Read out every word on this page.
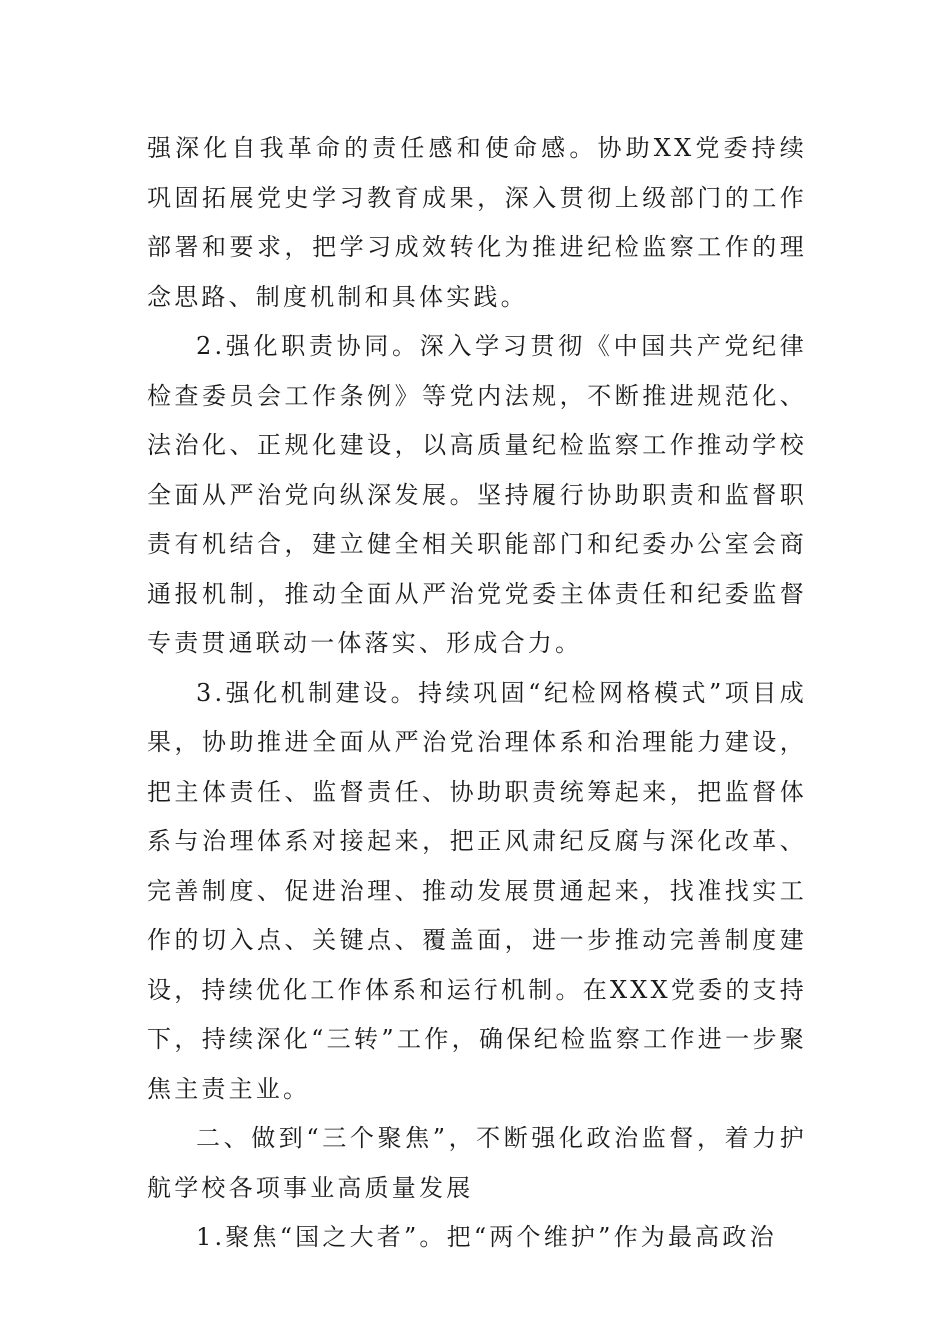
强深化自我革命的责任感和使命感。协助XX党委持续巩固拓展党史学习教育成果，深入贯彻上级部门的工作部署和要求，把学习成效转化为推进纪检监察工作的理念思路、制度机制和具体实践。

2.强化职责协同。深入学习贯彻《中国共产党纪律检查委员会工作条例》等党内法规，不断推进规范化、法治化、正规化建设，以高质量纪检监察工作推动学校全面从严治党向纵深发展。坚持履行协助职责和监督职责有机结合，建立健全相关职能部门和纪委办公室会商通报机制，推动全面从严治党党委主体责任和纪委监督专责贯通联动一体落实、形成合力。

3.强化机制建设。持续巩固“纪检网格模式”项目成果，协助推进全面从严治党治理体系和治理能力建设，把主体责任、监督责任、协助职责统筹起来，把监督体系与治理体系对接起来，把正风肃纪反腐与深化改革、完善制度、促进治理、推动发展贯通起来，找准找实工作的切入点、关键点、覆盖面，进一步推动完善制度建设，持续优化工作体系和运行机制。在XXX党委的支持下，持续深化“三转”工作，确保纪检监察工作进一步聚焦主责主业。

二、做到“三个聚焦”，不断强化政治监督，着力护航学校各项事业高质量发展

1.聚焦“国之大者”。把“两个维护”作为最高政治
